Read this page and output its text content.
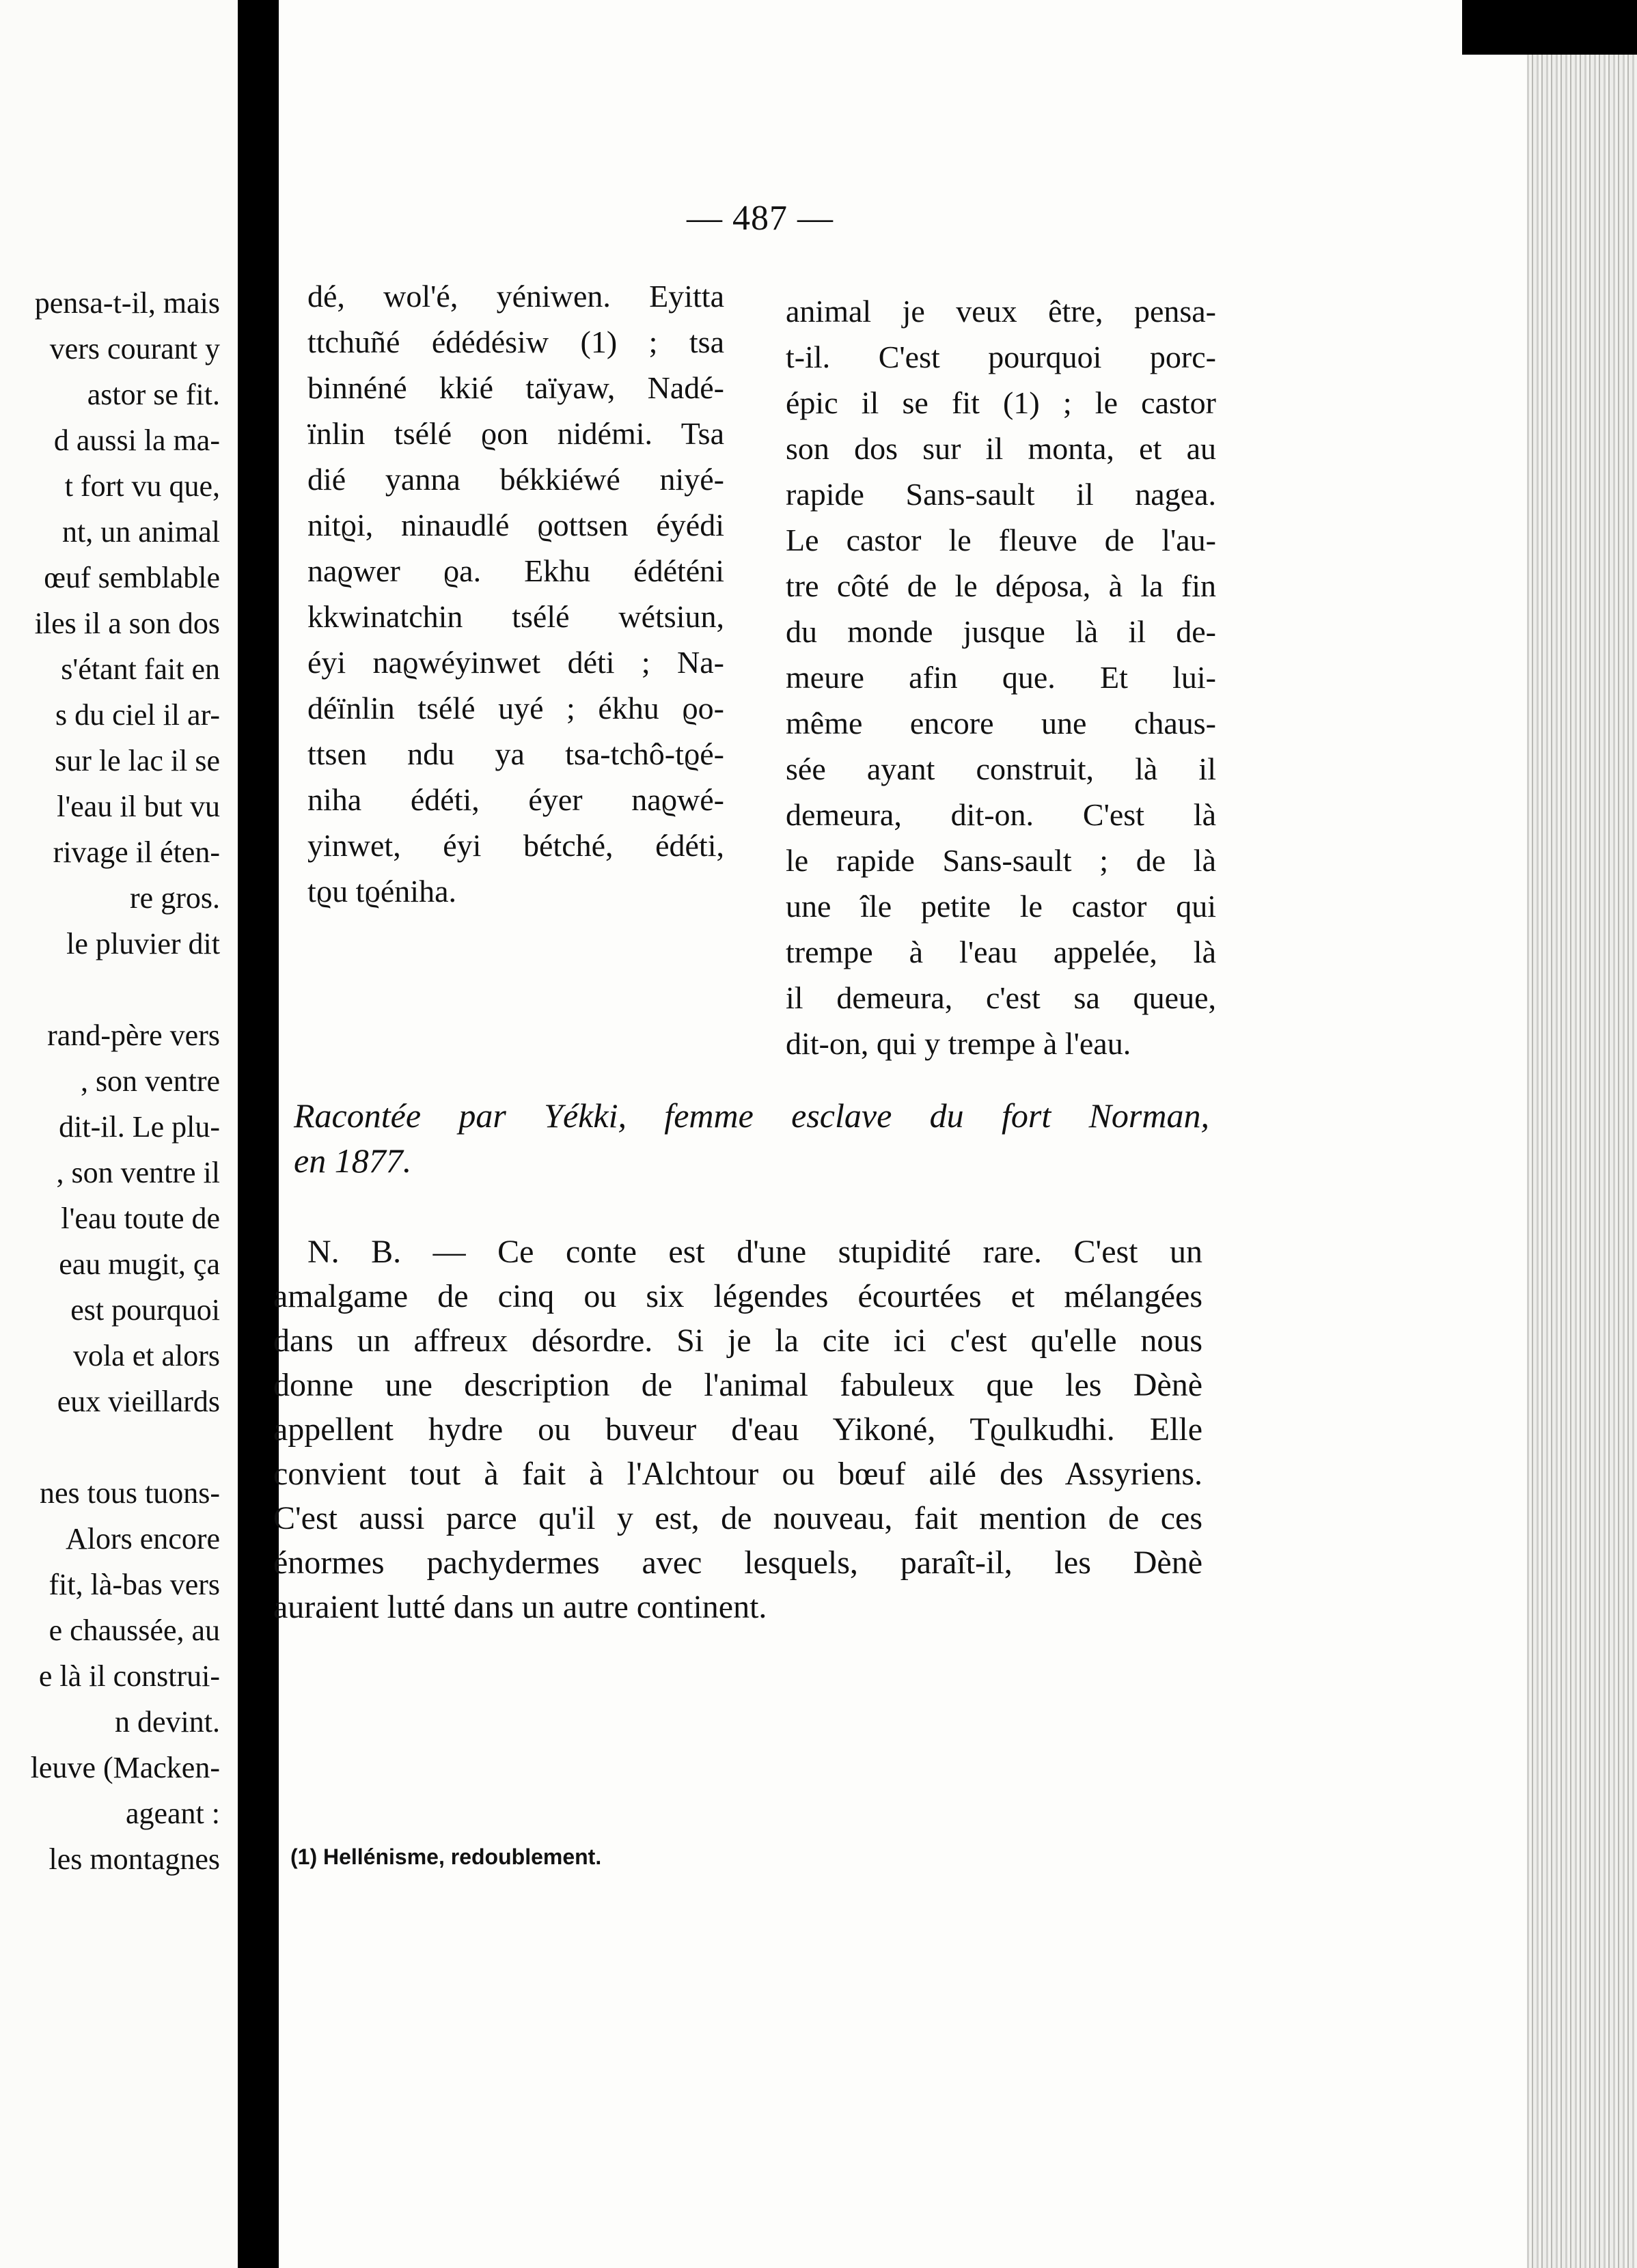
pensa-t-il, mais
vers courant y
astor se fit.
d aussi la ma-
t fort vu que,
nt, un animal
œuf semblable
iles il a son dos
s'étant fait en
s du ciel il ar-
sur le lac il se
l'eau il but vu
rivage il éten-
re gros.
le pluvier dit
rand-père vers
, son ventre
dit-il. Le plu-
, son ventre il
l'eau toute de
eau mugit, ça
est pourquoi
vola et alors
eux vieillards
nes tous tuons-
Alors encore
fit, là-bas vers
e chaussée, au
e là il construi-
n devint.
leuve (Macken-
ageant :
les montagnes
— 487 —
dé, wol'é, yéniwen. Eyitta
ttchuñé édédésiw (1) ; tsa
binnéné kkié taïyaw, Nadé-
ïnlin tsélé ϱon nidémi. Tsa
dié yanna békkiéwé niyé-
nitϱi, ninaudlé ϱottsen éyédi
naϱwer ϱa. Ekhu édéténi
kkwinatchin tsélé wétsiun,
éyi naϱwéyinwet déti ; Na-
déïnlin tsélé uyé ; ékhu ϱo-
ttsen ndu ya tsa-tchô-tϱé-
niha édéti, éyer naϱwé-
yinwet, éyi bétché, édéti,
tϱu tϱéniha.
animal je veux être, pensa-
t-il. C'est pourquoi porc-
épic il se fit (1) ; le castor
son dos sur il monta, et au
rapide Sans-sault il nagea.
Le castor le fleuve de l'au-
tre côté de le déposa, à la fin
du monde jusque là il de-
meure afin que. Et lui-
même encore une chaus-
sée ayant construit, là il
demeura, dit-on. C'est là
le rapide Sans-sault ; de là
une île petite le castor qui
trempe à l'eau appelée, là
il demeura, c'est sa queue,
dit-on, qui y trempe à l'eau.
Racontée par Yékki, femme esclave du fort Norman,
en 1877.
N. B. — Ce conte est d'une stupidité rare. C'est un
amalgame de cinq ou six légendes écourtées et mélangées
dans un affreux désordre. Si je la cite ici c'est qu'elle nous
donne une description de l'animal fabuleux que les Dènè
appellent hydre ou buveur d'eau Yikoné, Tϱulkudhi. Elle
convient tout à fait à l'Alchtour ou bœuf ailé des Assyriens.
C'est aussi parce qu'il y est, de nouveau, fait mention de ces
énormes pachydermes avec lesquels, paraît-il, les Dènè
auraient lutté dans un autre continent.
(1) Hellénisme, redoublement.
